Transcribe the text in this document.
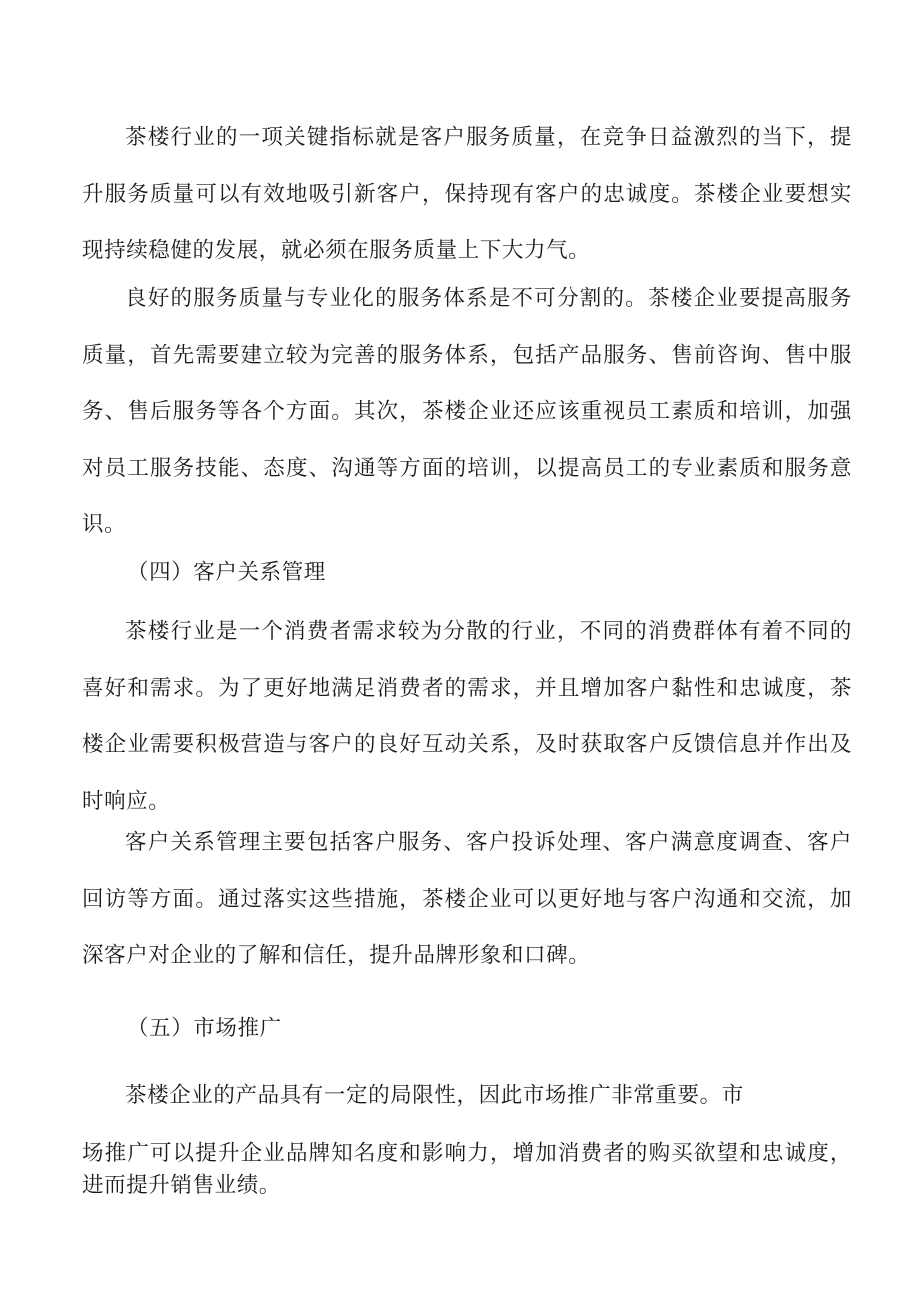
茶楼行业的一项关键指标就是客户服务质量，在竞争日益激烈的当下，提升服务质量可以有效地吸引新客户，保持现有客户的忠诚度。茶楼企业要想实现持续稳健的发展，就必须在服务质量上下大力气。

良好的服务质量与专业化的服务体系是不可分割的。茶楼企业要提高服务质量，首先需要建立较为完善的服务体系，包括产品服务、售前咨询、售中服务、售后服务等各个方面。其次，茶楼企业还应该重视员工素质和培训，加强对员工服务技能、态度、沟通等方面的培训，以提高员工的专业素质和服务意识。

（四）客户关系管理

茶楼行业是一个消费者需求较为分散的行业，不同的消费群体有着不同的喜好和需求。为了更好地满足消费者的需求，并且增加客户黏性和忠诚度，茶楼企业需要积极营造与客户的良好互动关系，及时获取客户反馈信息并作出及时响应。

客户关系管理主要包括客户服务、客户投诉处理、客户满意度调查、客户回访等方面。通过落实这些措施，茶楼企业可以更好地与客户沟通和交流，加深客户对企业的了解和信任，提升品牌形象和口碑。

（五）市场推广

茶楼企业的产品具有一定的局限性，因此市场推广非常重要。市

场推广可以提升企业品牌知名度和影响力，增加消费者的购买欲望和忠诚度，进而提升销售业绩。
